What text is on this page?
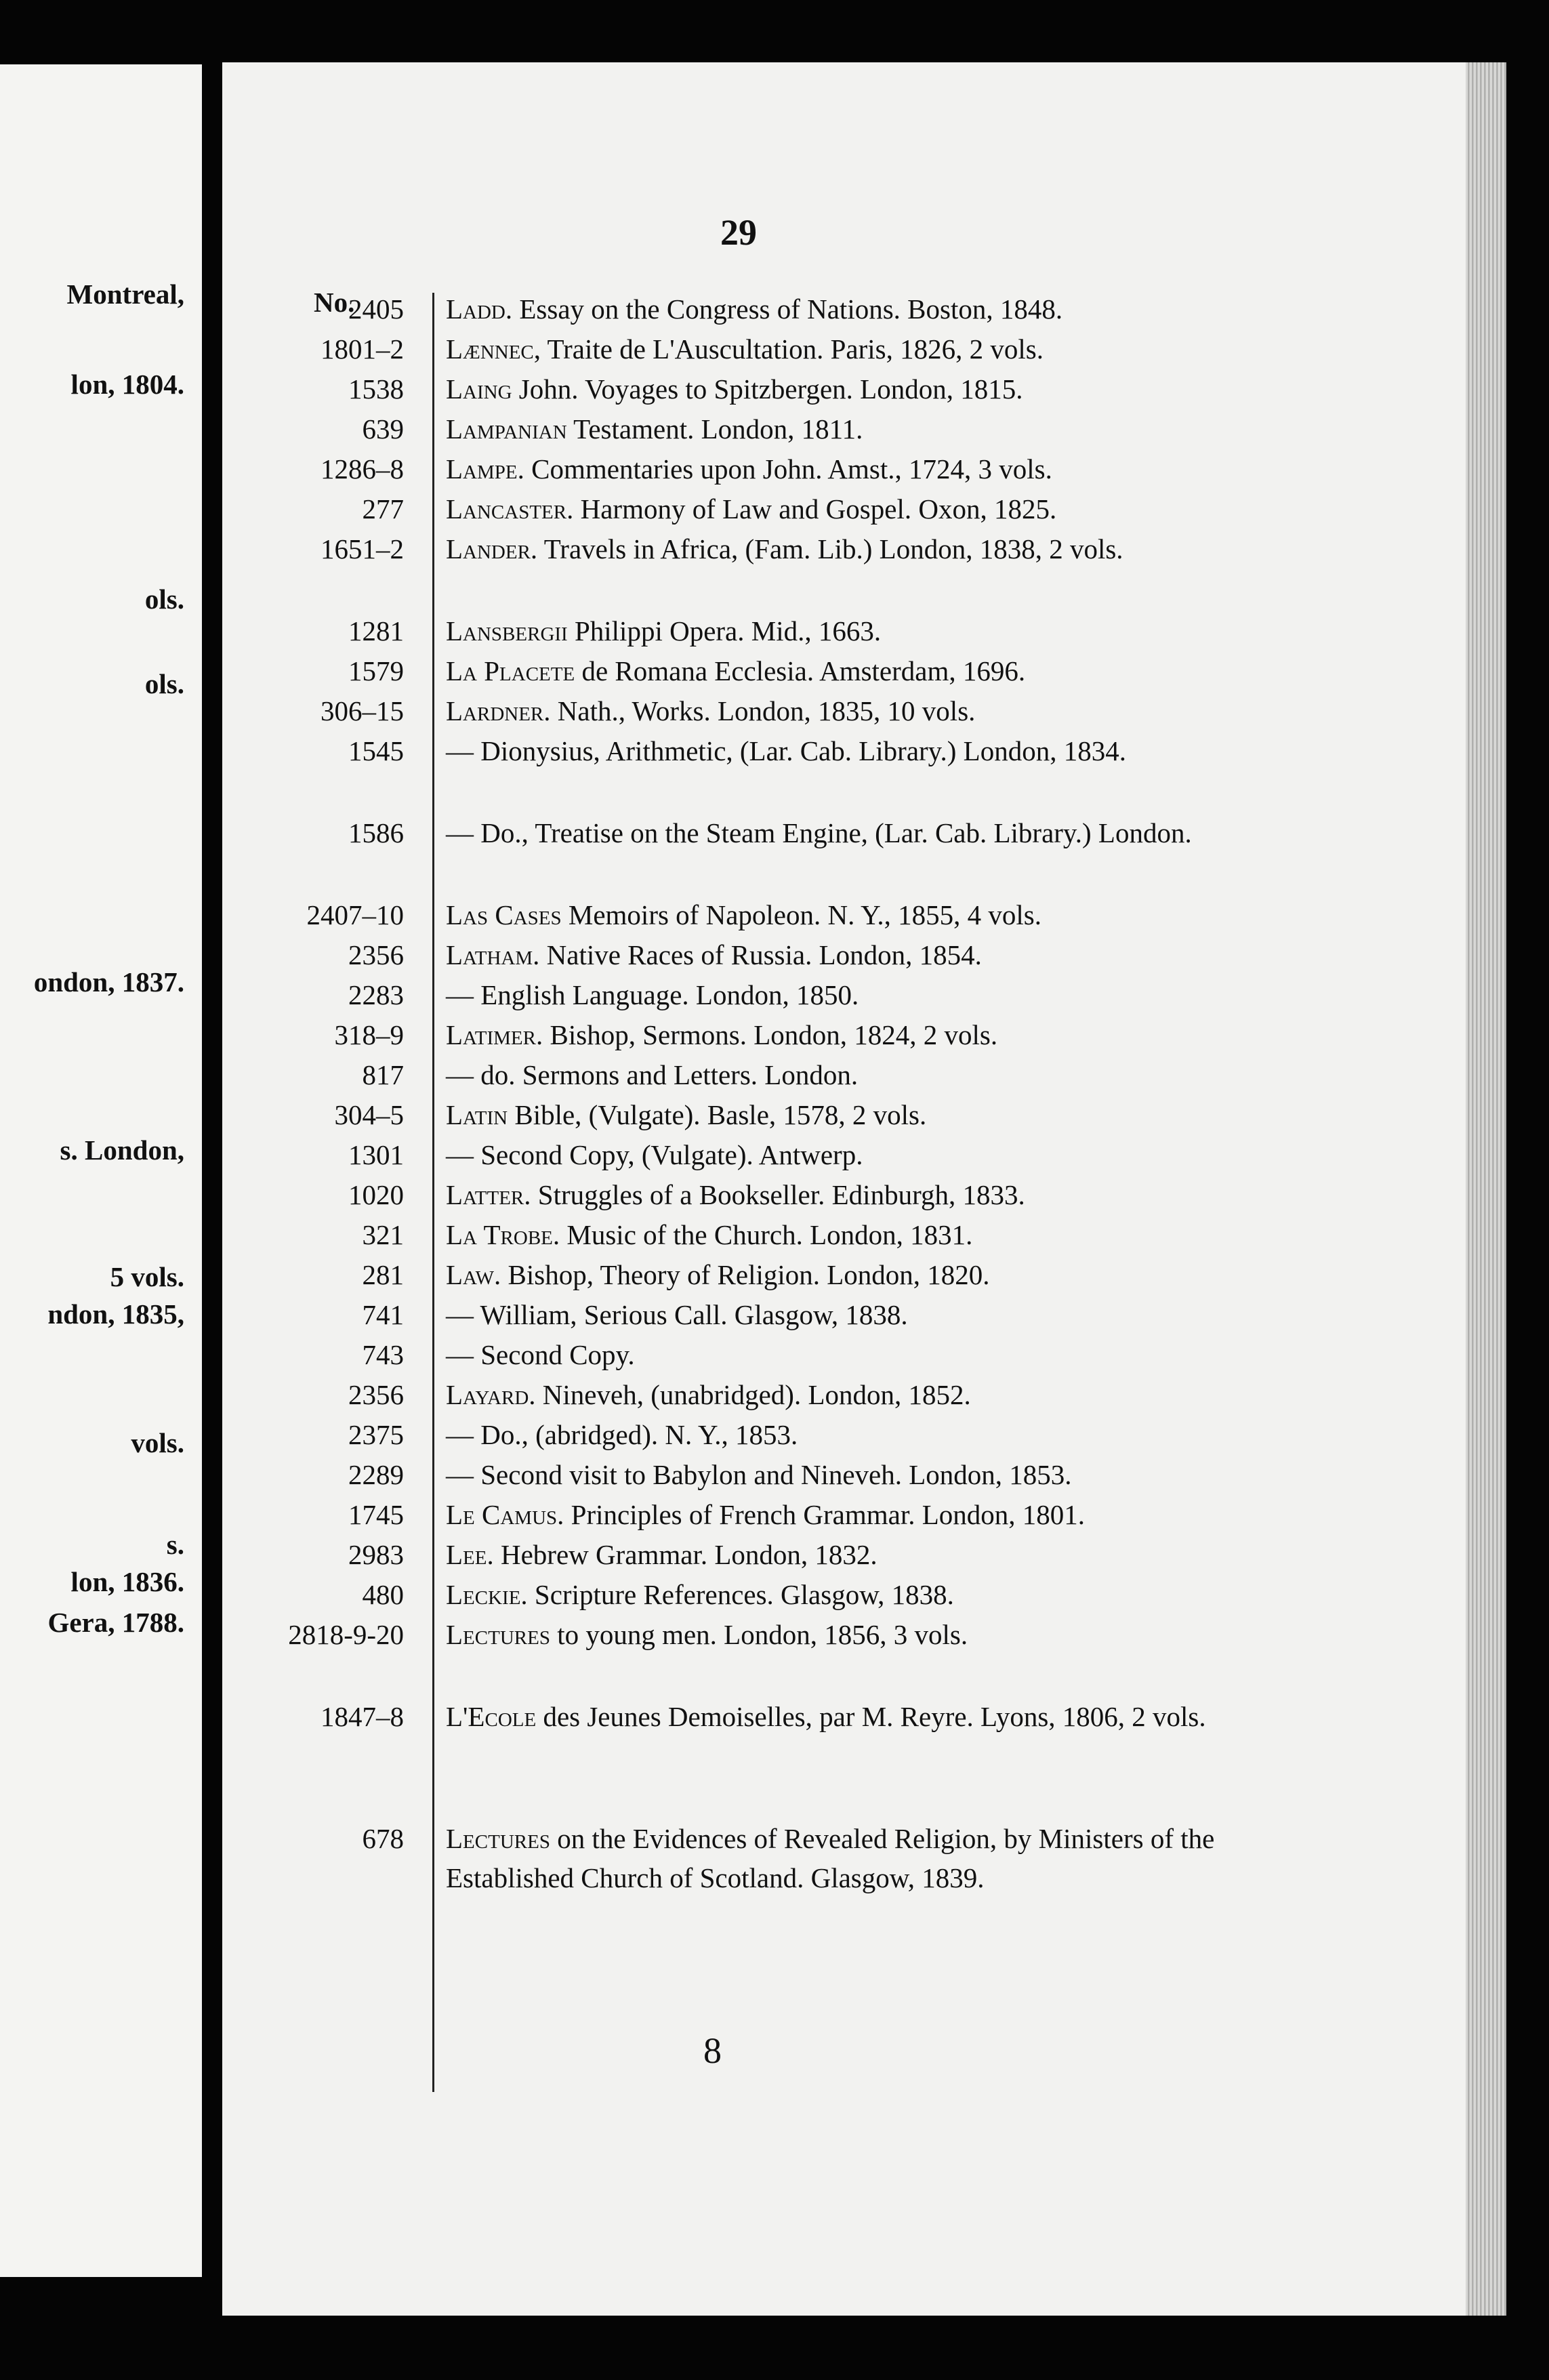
Montreal,
lon, 1804.
ols.
ols.
ondon, 1837.
s. London,
5 vols.
ndon, 1835,
vols.
s.
lon, 1836.
Gera, 1788.
29
No.
2405 Ladd. Essay on the Congress of Nations. Boston, 1848.
1801–2 Lænnec, Traite de L'Auscultation. Paris, 1826, 2 vols.
1538 Laing John. Voyages to Spitzbergen. London, 1815.
639 Lampanian Testament. London, 1811.
1286–8 Lampe. Commentaries upon John. Amst., 1724, 3 vols.
277 Lancaster. Harmony of Law and Gospel. Oxon, 1825.
1651–2 Lander. Travels in Africa, (Fam. Lib.) London, 1838, 2 vols.
1281 Lansbergii Philippi Opera. Mid., 1663.
1579 La Placete de Romana Ecclesia. Amsterdam, 1696.
306–15 Lardner. Nath., Works. London, 1835, 10 vols.
1545 — Dionysius, Arithmetic, (Lar. Cab. Library.) London, 1834.
1586 — Do., Treatise on the Steam Engine, (Lar. Cab. Library.) London.
2407–10 Las Cases Memoirs of Napoleon. N. Y., 1855, 4 vols.
2356 Latham. Native Races of Russia. London, 1854.
2283 — English Language. London, 1850.
318–9 Latimer. Bishop, Sermons. London, 1824, 2 vols.
817 — do. Sermons and Letters. London.
304–5 Latin Bible, (Vulgate). Basle, 1578, 2 vols.
1301 — Second Copy, (Vulgate). Antwerp.
1020 Latter. Struggles of a Bookseller. Edinburgh, 1833.
321 La Trobe. Music of the Church. London, 1831.
281 Law. Bishop, Theory of Religion. London, 1820.
741 — William, Serious Call. Glasgow, 1838.
743 — Second Copy.
2356 Layard. Nineveh, (unabridged). London, 1852.
2375 — Do., (abridged). N. Y., 1853.
2289 — Second visit to Babylon and Nineveh. London, 1853.
1745 Le Camus. Principles of French Grammar. London, 1801.
2983 Lee. Hebrew Grammar. London, 1832.
480 Leckie. Scripture References. Glasgow, 1838.
2818-9-20 Lectures to young men. London, 1856, 3 vols.
1847–8 L'Ecole des Jeunes Demoiselles, par M. Reyre. Lyons, 1806, 2 vols.
678 Lectures on the Evidences of Revealed Religion, by Ministers of the Established Church of Scotland. Glasgow, 1839.
8
